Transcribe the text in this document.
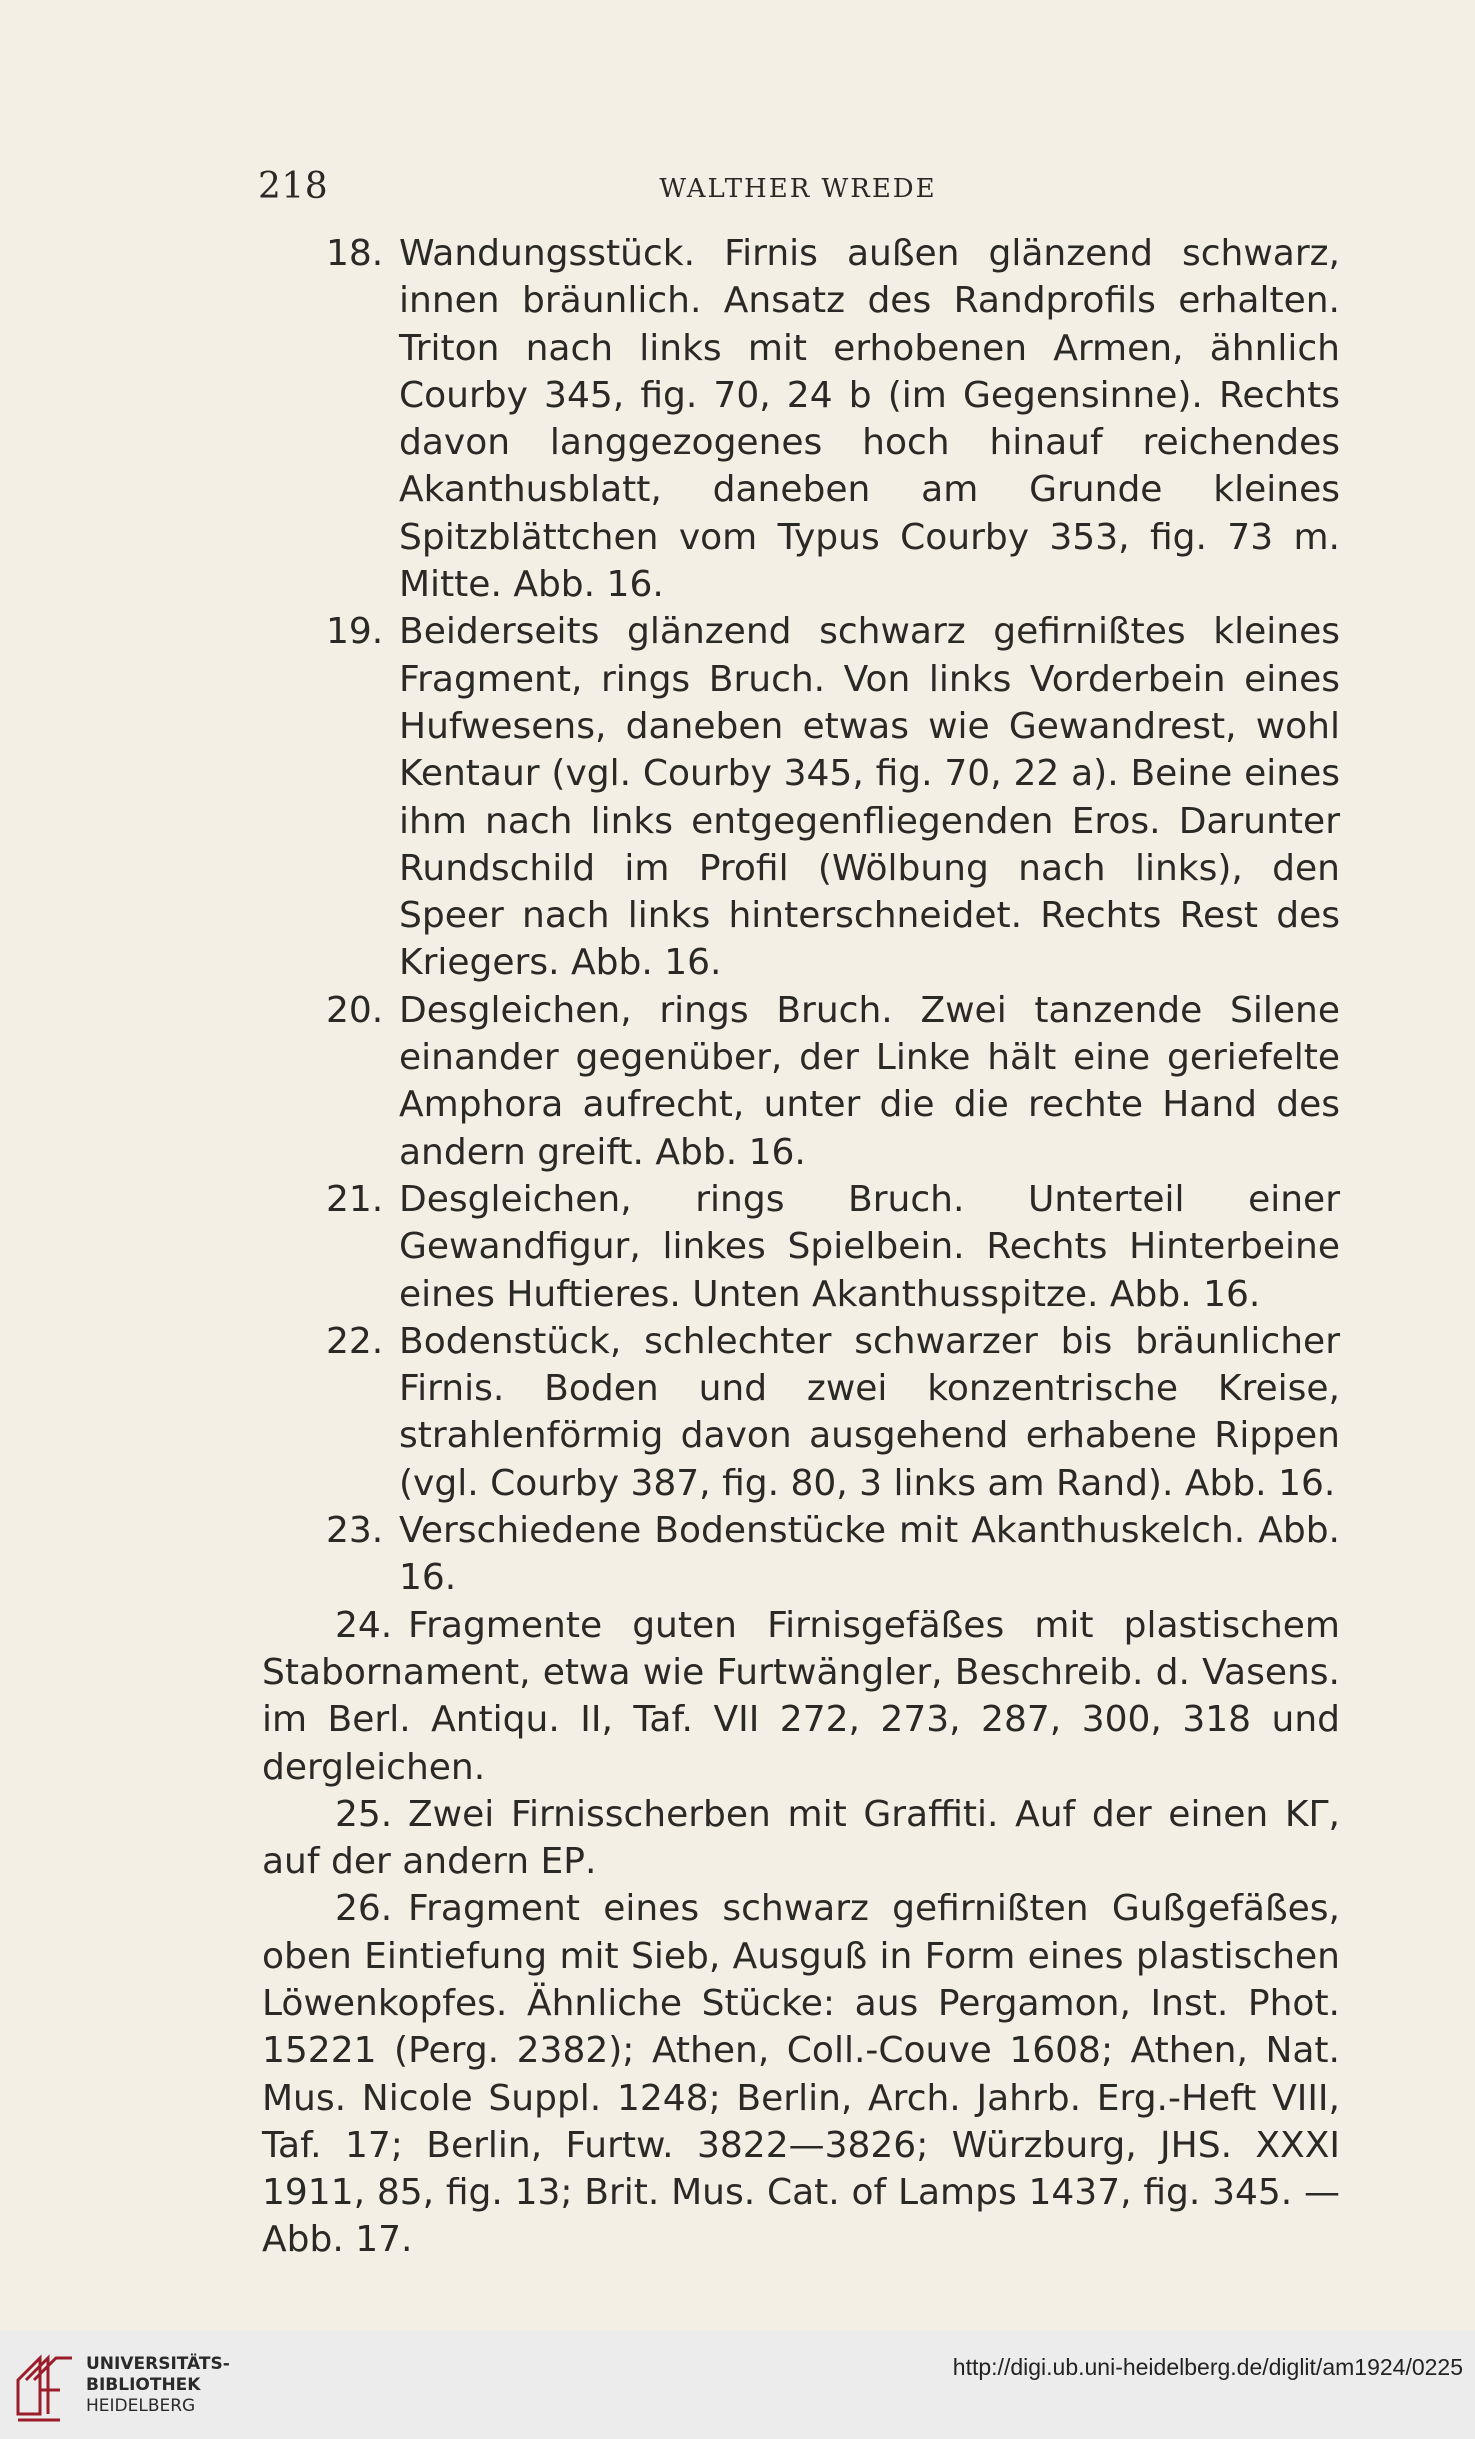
218	WALTHER WREDE

18. Wandungsstück. Firnis außen glänzend schwarz, innen bräunlich. Ansatz des Randprofils erhalten. Triton nach links mit erhobenen Armen, ähnlich Courby 345, fig. 70, 24 b (im Gegensinne). Rechts davon langgezogenes hoch hinauf reichendes Akanthusblatt, daneben am Grunde kleines Spitzblättchen vom Typus Courby 353, fig. 73 m. Mitte. Abb. 16.

19. Beiderseits glänzend schwarz gefirnißtes kleines Fragment, rings Bruch. Von links Vorderbein eines Hufwesens, daneben etwas wie Gewandrest, wohl Kentaur (vgl. Courby 345, fig. 70, 22 a). Beine eines ihm nach links entgegenfliegenden Eros. Darunter Rundschild im Profil (Wölbung nach links), den Speer nach links hinterschneidet. Rechts Rest des Kriegers. Abb. 16.

20. Desgleichen, rings Bruch. Zwei tanzende Silene einander gegenüber, der Linke hält eine geriefelte Amphora aufrecht, unter die die rechte Hand des andern greift. Abb. 16.

21. Desgleichen, rings Bruch. Unterteil einer Gewandfigur, linkes Spielbein. Rechts Hinterbeine eines Huftieres. Unten Akanthusspitze. Abb. 16.

22. Bodenstück, schlechter schwarzer bis bräunlicher Firnis. Boden und zwei konzentrische Kreise, strahlenförmig davon ausgehend erhabene Rippen (vgl. Courby 387, fig. 80, 3 links am Rand). Abb. 16.

23. Verschiedene Bodenstücke mit Akanthuskelch. Abb. 16.

24. Fragmente guten Firnisgefäßes mit plastischem Stabornament, etwa wie Furtwängler, Beschreib. d. Vasens. im Berl. Antiqu. II, Taf. VII 272, 273, 287, 300, 318 und dergleichen.

25. Zwei Firnisscherben mit Graffiti. Auf der einen ΚΓ, auf der andern ΕΡ.

26. Fragment eines schwarz gefirnißten Gußgefäßes, oben Eintiefung mit Sieb, Ausguß in Form eines plastischen Löwenkopfes. Ähnliche Stücke: aus Pergamon, Inst. Phot. 15221 (Perg. 2382); Athen, Coll.-Couve 1608; Athen, Nat. Mus. Nicole Suppl. 1248; Berlin, Arch. Jahrb. Erg.-Heft VIII, Taf. 17; Berlin, Furtw. 3822—3826; Würzburg, JHS. XXXI 1911, 85, fig. 13; Brit. Mus. Cat. of Lamps 1437, fig. 345. — Abb. 17.

UNIVERSITÄTS-
BIBLIOTHEK
HEIDELBERG
http://digi.ub.uni-heidelberg.de/diglit/am1924/0225
